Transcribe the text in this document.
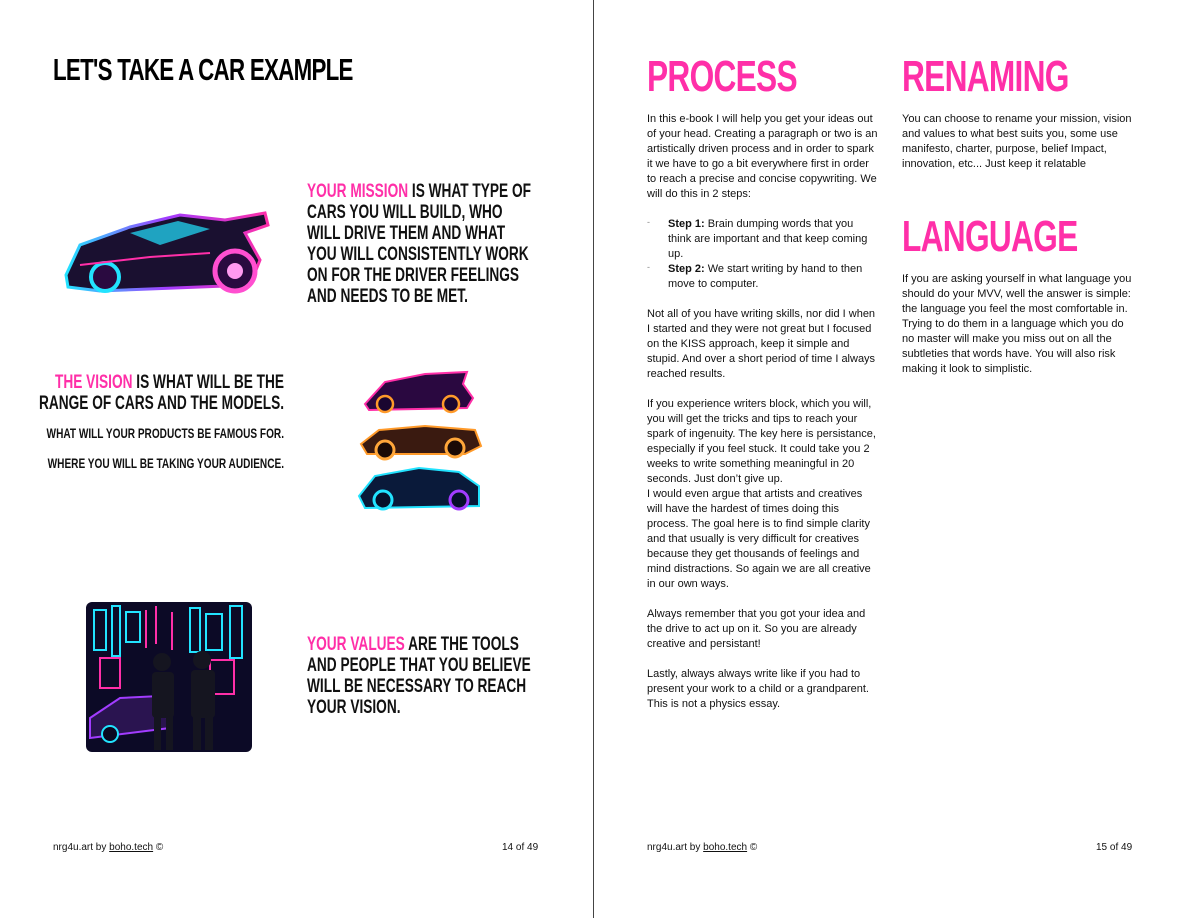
LET'S TAKE A CAR EXAMPLE
YOUR MISSION IS WHAT TYPE OF CARS YOU WILL BUILD, WHO WILL DRIVE THEM AND WHAT YOU WILL CONSISTENTLY WORK ON FOR THE DRIVER FEELINGS AND NEEDS TO BE MET.
THE VISION IS WHAT WILL BE THE RANGE OF CARS AND THE MODELS.
WHAT WILL YOUR PRODUCTS BE FAMOUS FOR.
WHERE YOU WILL BE TAKING YOUR AUDIENCE.
YOUR VALUES ARE THE TOOLS AND PEOPLE THAT YOU BELIEVE WILL BE NECESSARY TO REACH YOUR VISION.
nrg4u.art by boho.tech ©	14 of 49
PROCESS

In this e-book I will help you get your ideas out of your head. Creating a paragraph or two is an artistically driven process and in order to spark it we have to go a bit everywhere first in order to reach a precise and concise copywriting. We will do this in 2 steps:

- Step 1: Brain dumping words that you think are important and that keep coming up.
- Step 2: We start writing by hand to then move to computer.

Not all of you have writing skills, nor did I when I started and they were not great but I focused on the KISS approach, keep it simple and stupid. And over a short period of time I always reached results.

If you experience writers block, which you will, you will get the tricks and tips to reach your spark of ingenuity. The key here is persistance, especially if you feel stuck. It could take you 2 weeks to write something meaningful in 20 seconds. Just don’t give up.

I would even argue that artists and creatives will have the hardest of times doing this process. The goal here is to find simple clarity and that usually is very difficult for creatives because they get thousands of feelings and mind distractions. So again we are all creative in our own ways.

Always remember that you got your idea and the drive to act up on it. So you are already creative and persistant!

Lastly, always always write like if you had to present your work to a child or a grandparent. This is not a physics essay.

RENAMING
You can choose to rename your mission, vision and values to what best suits you, some use manifesto, charter, purpose, belief Impact, innovation, etc... Just keep it relatable
LANGUAGE
If you are asking yourself in what language you should do your MVV, well the answer is simple: the language you feel the most comfortable in. Trying to do them in a language which you do no master will make you miss out on all the subtleties that words have. You will also risk making it look to simplistic.
nrg4u.art by boho.tech ©	15 of 49
